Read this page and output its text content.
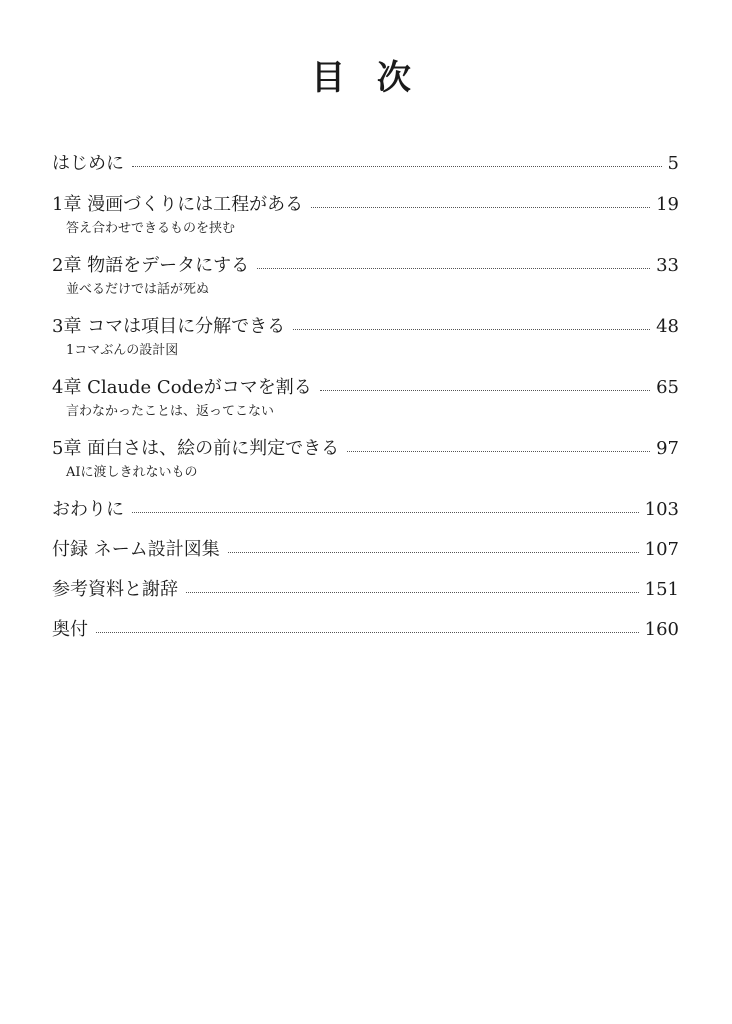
目 次
はじめに	5
1章 漫画づくりには工程がある	19
答え合わせできるものを挟む
2章 物語をデータにする	33
並べるだけでは話が死ぬ
3章 コマは項目に分解できる	48
1コマぶんの設計図
4章 Claude Codeがコマを割る	65
言わなかったことは、返ってこない
5章 面白さは、絵の前に判定できる	97
AIに渡しきれないもの
おわりに	103
付録 ネーム設計図集	107
参考資料と謝辞	151
奥付	160
